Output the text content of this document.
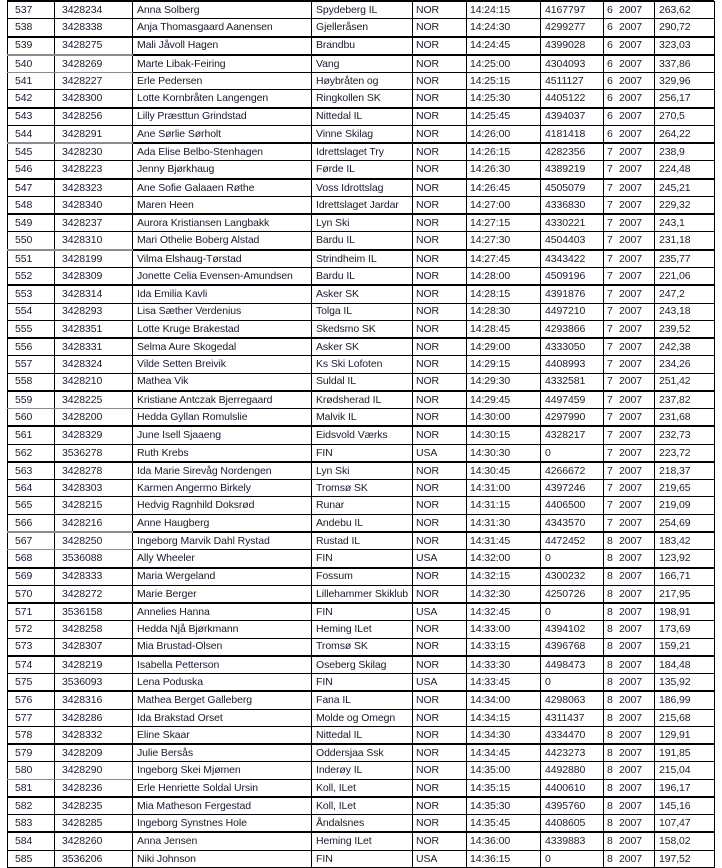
537	3428234	Anna Solberg	Spydeberg IL	NOR	14:24:15	4167797	6 2007	263,62
538	3428338	Anja Thomasgaard Aanensen	Gjelleråsen	NOR	14:24:30	4299277	6 2007	290,72
539	3428275	Mali Jåvoll Hagen	Brandbu	NOR	14:24:45	4399028	6 2007	323,03
540	3428269	Marte Libak-Feiring	Vang	NOR	14:25:00	4304093	6 2007	337,86
541	3428227	Erle Pedersen	Høybråten og	NOR	14:25:15	4511127	6 2007	329,96
542	3428300	Lotte Kornbråten Langengen	Ringkollen SK	NOR	14:25:30	4405122	6 2007	256,17
543	3428256	Lilly Præsttun Grindstad	Nittedal IL	NOR	14:25:45	4394037	6 2007	270,5
544	3428291	Ane Sørlie Sørholt	Vinne Skilag	NOR	14:26:00	4181418	6 2007	264,22
545	3428230	Ada Elise Belbo-Stenhagen	Idrettslaget Try	NOR	14:26:15	4282356	7 2007	238,9
546	3428223	Jenny Bjørkhaug	Førde IL	NOR	14:26:30	4389219	7 2007	224,48
547	3428323	Ane Sofie Galaaen Røthe	Voss Idrottslag	NOR	14:26:45	4505079	7 2007	245,21
548	3428340	Maren Heen	Idrettslaget Jardar	NOR	14:27:00	4336830	7 2007	229,32
549	3428237	Aurora Kristiansen Langbakk	Lyn Ski	NOR	14:27:15	4330221	7 2007	243,1
550	3428310	Mari Othelie Boberg Alstad	Bardu IL	NOR	14:27:30	4504403	7 2007	231,18
551	3428199	Vilma Elshaug-Tørstad	Strindheim IL	NOR	14:27:45	4343422	7 2007	235,77
552	3428309	Jonette Celia Evensen-Amundsen	Bardu IL	NOR	14:28:00	4509196	7 2007	221,06
553	3428314	Ida Emilia Kavli	Asker SK	NOR	14:28:15	4391876	7 2007	247,2
554	3428293	Lisa Sæther Verdenius	Tolga IL	NOR	14:28:30	4497210	7 2007	243,18
555	3428351	Lotte Kruge Brakestad	Skedsmo SK	NOR	14:28:45	4293866	7 2007	239,52
556	3428331	Selma Aure Skogedal	Asker SK	NOR	14:29:00	4333050	7 2007	242,38
557	3428324	Vilde Setten Breivik	Ks Ski Lofoten	NOR	14:29:15	4408993	7 2007	234,26
558	3428210	Mathea Vik	Suldal IL	NOR	14:29:30	4332581	7 2007	251,42
559	3428225	Kristiane Antczak Bjerregaard	Krødsherad IL	NOR	14:29:45	4497459	7 2007	237,82
560	3428200	Hedda Gyllan Romulslie	Malvik IL	NOR	14:30:00	4297990	7 2007	231,68
561	3428329	June Isell Sjaaeng	Eidsvold Værks	NOR	14:30:15	4328217	7 2007	232,73
562	3536278	Ruth Krebs	FIN	USA	14:30:30	0	7 2007	223,72
563	3428278	Ida Marie Sirevåg Nordengen	Lyn Ski	NOR	14:30:45	4266672	7 2007	218,37
564	3428303	Karmen Angermo Birkely	Tromsø SK	NOR	14:31:00	4397246	7 2007	219,65
565	3428215	Hedvig Ragnhild Doksrød	Runar	NOR	14:31:15	4406500	7 2007	219,09
566	3428216	Anne Haugberg	Andebu IL	NOR	14:31:30	4343570	7 2007	254,69
567	3428250	Ingeborg Marvik Dahl Rystad	Rustad IL	NOR	14:31:45	4472452	8 2007	183,42
568	3536088	Ally Wheeler	FIN	USA	14:32:00	0	8 2007	123,92
569	3428333	Maria Wergeland	Fossum	NOR	14:32:15	4300232	8 2007	166,71
570	3428272	Marie Berger	Lillehammer Skiklub	NOR	14:32:30	4250726	8 2007	217,95
571	3536158	Annelies Hanna	FIN	USA	14:32:45	0	8 2007	198,91
572	3428258	Hedda Njå Bjørkmann	Heming ILet	NOR	14:33:00	4394102	8 2007	173,69
573	3428307	Mia Brustad-Olsen	Tromsø SK	NOR	14:33:15	4396768	8 2007	159,21
574	3428219	Isabella Petterson	Oseberg Skilag	NOR	14:33:30	4498473	8 2007	184,48
575	3536093	Lena Poduska	FIN	USA	14:33:45	0	8 2007	135,92
576	3428316	Mathea Berget Galleberg	Fana IL	NOR	14:34:00	4298063	8 2007	186,99
577	3428286	Ida Brakstad Orset	Molde og Omegn	NOR	14:34:15	4311437	8 2007	215,68
578	3428332	Eline Skaar	Nittedal IL	NOR	14:34:30	4334470	8 2007	129,91
579	3428209	Julie Bersås	Oddersjaa Ssk	NOR	14:34:45	4423273	8 2007	191,85
580	3428290	Ingeborg Skei Mjømen	Inderøy IL	NOR	14:35:00	4492880	8 2007	215,04
581	3428236	Erle Henriette Soldal Ursin	Koll, ILet	NOR	14:35:15	4400610	8 2007	196,17
582	3428235	Mia Matheson Fergestad	Koll, ILet	NOR	14:35:30	4395760	8 2007	145,16
583	3428285	Ingeborg Synstnes Hole	Åndalsnes	NOR	14:35:45	4408605	8 2007	107,47
584	3428260	Anna Jensen	Heming ILet	NOR	14:36:00	4339883	8 2007	158,02
585	3536206	Niki Johnson	FIN	USA	14:36:15	0	8 2007	197,52
